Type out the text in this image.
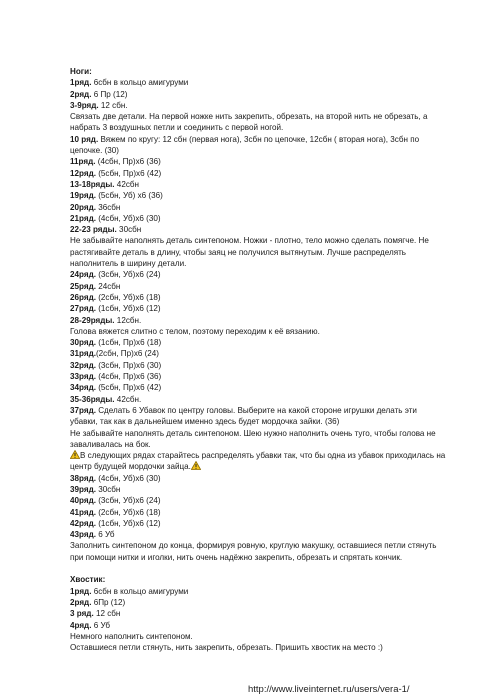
Ноги:
1ряд. 6сбн в кольцо амигуруми
2ряд. 6 Пр (12)
3-9ряд. 12 сбн.
Связать две детали. На первой ножке нить закрепить, обрезать, на второй нить не обрезать, а
набрать 3 воздушных петли и соединить с первой ногой.
10 ряд. Вяжем по кругу: 12 сбн (первая нога), 3сбн по цепочке, 12сбн ( вторая нога), 3сбн по
цепочке. (30)
11ряд. (4сбн, Пр)х6 (36)
12ряд. (5сбн, Пр)х6 (42)
13-18ряды. 42сбн
19ряд. (5сбн, Уб) х6 (36)
20ряд. 36сбн
21ряд. (4сбн, Уб)х6 (30)
22-23 ряды. 30сбн
Не забывайте наполнять деталь синтепоном. Ножки - плотно, тело можно сделать помягче. Не
растягивайте деталь в длину, чтобы заяц не получился вытянутым. Лучше распределять
наполнитель в ширину детали.
24ряд. (3сбн, Уб)х6 (24)
25ряд. 24сбн
26ряд. (2сбн, Уб)х6 (18)
27ряд. (1сбн, Уб)х6 (12)
28-29ряды. 12сбн.
Голова вяжется слитно с телом, поэтому переходим к её вязанию.
30ряд. (1сбн, Пр)х6 (18)
31ряд.(2сбн, Пр)х6 (24)
32ряд. (3сбн, Пр)х6 (30)
33ряд. (4сбн, Пр)х6 (36)
34ряд. (5сбн, Пр)х6 (42)
35-36ряды. 42сбн.
37ряд. Сделать 6 Убавок по центру головы. Выберите на какой стороне игрушки делать эти
убавки, так как в дальнейшем именно здесь будет мордочка зайки. (36)
Не забывайте наполнять деталь синтепоном. Шею нужно наполнить очень туго, чтобы голова не
заваливалась на бок.
В следующих рядах старайтесь распределять убавки так, что бы одна из убавок приходилась на
центр будущей мордочки зайца.
38ряд. (4сбн, Уб)х6 (30)
39ряд. 30сбн
40ряд. (3сбн, Уб)х6 (24)
41ряд. (2сбн, Уб)х6 (18)
42ряд. (1сбн, Уб)х6 (12)
43ряд. 6 Уб
Заполнить синтепоном до конца, формируя ровную, круглую макушку, оставшиеся петли стянуть
при помощи нитки и иголки, нить очень надёжно закрепить, обрезать и спрятать кончик.
Хвостик:
1ряд. 6сбн в кольцо амигуруми
2ряд. 6Пр (12)
3 ряд. 12 сбн
4ряд. 6 Уб
Немного наполнить синтепоном.
Оставшиеся петли стянуть, нить закрепить, обрезать. Пришить хвостик на место :)
http://www.liveinternet.ru/users/vera-1/
